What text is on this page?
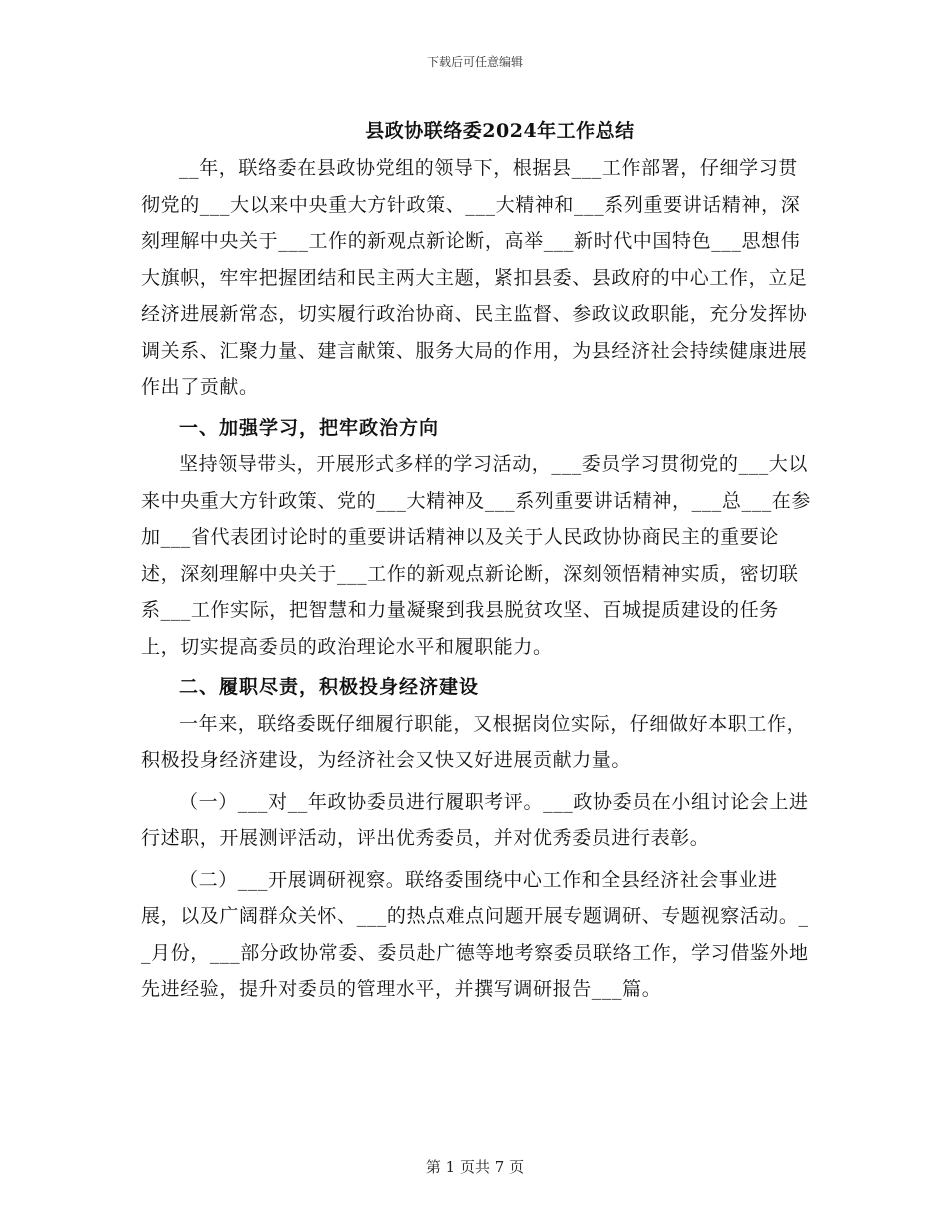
下载后可任意编辑
县政协联络委2024年工作总结

__年，联络委在县政协党组的领导下，根据县___工作部署，仔细学习贯彻党的___大以来中央重大方针政策、___大精神和___系列重要讲话精神，深刻理解中央关于___工作的新观点新论断，高举___新时代中国特色___思想伟大旗帜，牢牢把握团结和民主两大主题，紧扣县委、县政府的中心工作，立足经济进展新常态，切实履行政治协商、民主监督、参政议政职能，充分发挥协调关系、汇聚力量、建言献策、服务大局的作用，为县经济社会持续健康进展作出了贡献。

一、加强学习，把牢政治方向

坚持领导带头，开展形式多样的学习活动，___委员学习贯彻党的___大以来中央重大方针政策、党的___大精神及___系列重要讲话精神，___总___在参加___省代表团讨论时的重要讲话精神以及关于人民政协协商民主的重要论述，深刻理解中央关于___工作的新观点新论断，深刻领悟精神实质，密切联系___工作实际，把智慧和力量凝聚到我县脱贫攻坚、百城提质建设的任务上，切实提高委员的政治理论水平和履职能力。

二、履职尽责，积极投身经济建设

一年来，联络委既仔细履行职能，又根据岗位实际，仔细做好本职工作，积极投身经济建设，为经济社会又快又好进展贡献力量。

（一）___对__年政协委员进行履职考评。___政协委员在小组讨论会上进行述职，开展测评活动，评出优秀委员，并对优秀委员进行表彰。

（二）___开展调研视察。联络委围绕中心工作和全县经济社会事业进展，以及广阔群众关怀、___的热点难点问题开展专题调研、专题视察活动。__月份，___部分政协常委、委员赴广德等地考察委员联络工作，学习借鉴外地先进经验，提升对委员的管理水平，并撰写调研报告___篇。

第 1 页共 7 页
